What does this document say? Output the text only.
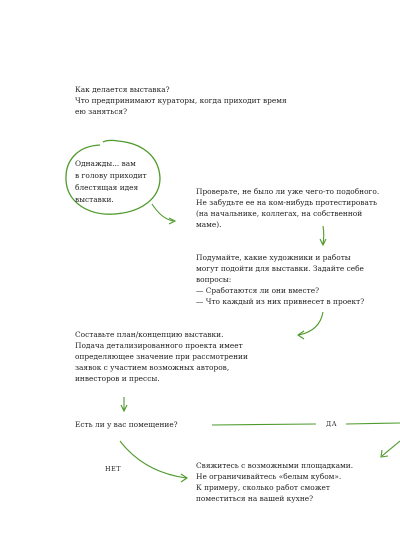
Как делается выставка?
Что предпринимают кураторы, когда приходит время
ею заняться?
Однажды... вам
в голову приходит
блестящая идея
выставки.
Проверьте, не было ли уже чего-то подобного.
Не забудьте ее на ком-нибудь протестировать
(на начальнике, коллегах, на собственной
маме).
Подумайте, какие художники и работы
могут подойти для выставки. Задайте себе
вопросы:
— Сработаются ли они вместе?
— Что каждый из них привнесет в проект?
Составьте план/концепцию выставки.
Подача детализированного проекта имеет
определяющее значение при рассмотрении
заявок с участием возможных авторов,
инвесторов и прессы.
Есть ли у вас помещение?	ДА
НЕТ	Свяжитесь с возможными площадками.
Не ограничивайтесь «белым кубом».
К примеру, сколько работ сможет
поместиться на вашей кухне?
